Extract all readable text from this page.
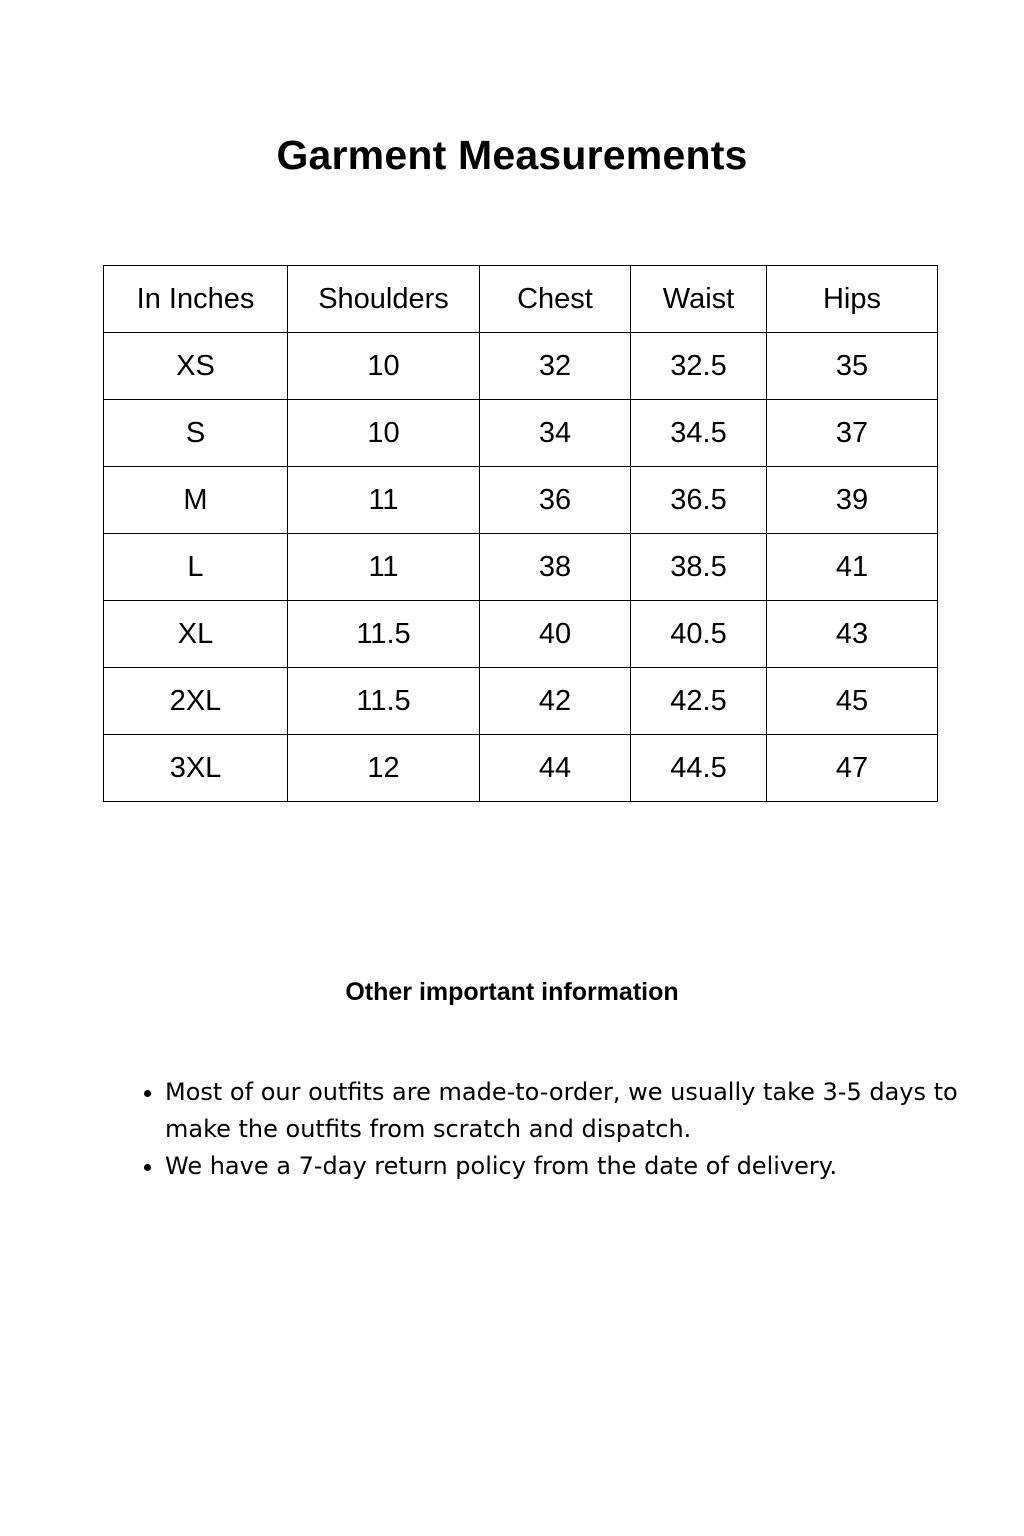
Garment Measurements
In Inches	Shoulders	Chest	Waist	Hips
XS	10	32	32.5	35
S	10	34	34.5	37
M	11	36	36.5	39
L	11	38	38.5	41
XL	11.5	40	40.5	43
2XL	11.5	42	42.5	45
3XL	12	44	44.5	47
Other important information
• Most of our outfits are made-to-order, we usually take 3-5 days to make the outfits from scratch and dispatch.
• We have a 7-day return policy from the date of delivery.
